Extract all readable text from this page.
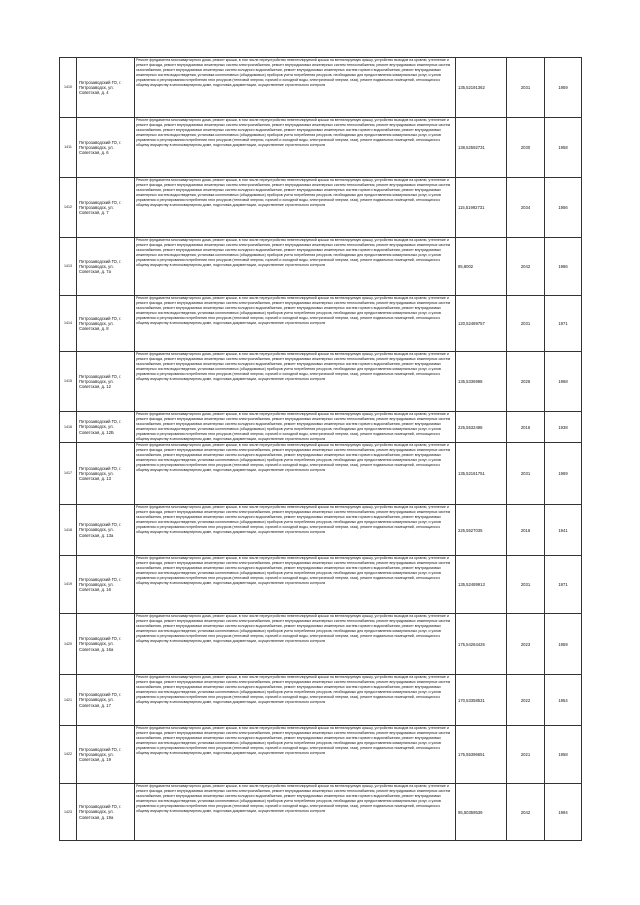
1410	Петрозаводский ГО, г. Петрозаводск, ул. Советская, д. 4	Ремонт фундамента многоквартирного дома, ремонт крыши, в том числе переустройство невентилируемой крыши на вентилируемую крышу, устройство выходов на кровлю, утепление и ремонт фасада, ремонт внутридомовых инженерных систем электроснабжения, ремонт внутридомовых инженерных систем теплоснабжения, ремонт внутридомовых инженерных систем газоснабжения, ремонт внутридомовых инженерных систем холодного водоснабжения, ремонт внутридомовых инженерных систем горячего водоснабжения, ремонт внутридомовых инженерных систем водоотведения, установка коллективных (общедомовых) приборов учета потребления ресурсов, необходимых для предоставления коммунальных услуг, и узлов управления и регулирования потребления этих ресурсов (тепловой энергии, горячей и холодной воды, электрической энергии, газа), ремонт подвальных помещений, относящихся к общему имуществу в многоквартирном доме, подготовка документации, осуществление строительного контроля	135,52191362	2031	1959
1411	Петрозаводский ГО, г. Петрозаводск, ул. Советская, д. 6	Ремонт фундамента многоквартирного дома, ремонт крыши, в том числе переустройство невентилируемой крыши на вентилируемую крышу, устройство выходов на кровлю, утепление и ремонт фасада, ремонт внутридомовых инженерных систем электроснабжения, ремонт внутридомовых инженерных систем теплоснабжения, ремонт внутридомовых инженерных систем газоснабжения, ремонт внутридомовых инженерных систем холодного водоснабжения, ремонт внутридомовых инженерных систем горячего водоснабжения, ремонт внутридомовых инженерных систем водоотведения, установка коллективных (общедомовых) приборов учета потребления ресурсов, необходимых для предоставления коммунальных услуг, и узлов управления и регулирования потребления этих ресурсов (тепловой энергии, горячей и холодной воды, электрической энергии, газа), ремонт подвальных помещений, относящихся к общему имуществу в многоквартирном доме, подготовка документации, осуществление строительного контроля	138,52592731	2030	1958
1412	Петрозаводский ГО, г. Петрозаводск, ул. Советская, д. 7	Ремонт фундамента многоквартирного дома, ремонт крыши, в том числе переустройство невентилируемой крыши на вентилируемую крышу, устройство выходов на кровлю, утепление и ремонт фасада, ремонт внутридомовых инженерных систем электроснабжения, ремонт внутридомовых инженерных систем теплоснабжения, ремонт внутридомовых инженерных систем газоснабжения, ремонт внутридомовых инженерных систем холодного водоснабжения, ремонт внутридомовых инженерных систем горячего водоснабжения, ремонт внутридомовых инженерных систем водоотведения, установка коллективных (общедомовых) приборов учета потребления ресурсов, необходимых для предоставления коммунальных услуг, и узлов управления и регулирования потребления этих ресурсов (тепловой энергии, горячей и холодной воды, электрической энергии, газа), ремонт подвальных помещений, относящихся к общему имуществу в многоквартирном доме, подготовка документации, осуществление строительного контроля	115,51992731	2034	1956
1413	Петрозаводский ГО, г. Петрозаводск, ул. Советская, д. 7а	Ремонт фундамента многоквартирного дома, ремонт крыши, в том числе переустройство невентилируемой крыши на вентилируемую крышу, устройство выходов на кровлю, утепление и ремонт фасада, ремонт внутридомовых инженерных систем электроснабжения, ремонт внутридомовых инженерных систем теплоснабжения, ремонт внутридомовых инженерных систем газоснабжения, ремонт внутридомовых инженерных систем холодного водоснабжения, ремонт внутридомовых инженерных систем горячего водоснабжения, ремонт внутридомовых инженерных систем водоотведения, установка коллективных (общедомовых) приборов учета потребления ресурсов, необходимых для предоставления коммунальных услуг, и узлов управления и регулирования потребления этих ресурсов (тепловой энергии, горячей и холодной воды, электрической энергии, газа), ремонт подвальных помещений, относящихся к общему имуществу в многоквартирном доме, подготовка документации, осуществление строительного контроля	95,8002	2042	1986
1414	Петрозаводский ГО, г. Петрозаводск, ул. Советская, д. 8	Ремонт фундамента многоквартирного дома, ремонт крыши, в том числе переустройство невентилируемой крыши на вентилируемую крышу, устройство выходов на кровлю, утепление и ремонт фасада, ремонт внутридомовых инженерных систем электроснабжения, ремонт внутридомовых инженерных систем теплоснабжения, ремонт внутридомовых инженерных систем газоснабжения, ремонт внутридомовых инженерных систем холодного водоснабжения, ремонт внутридомовых инженерных систем горячего водоснабжения, ремонт внутридомовых инженерных систем водоотведения, установка коллективных (общедомовых) приборов учета потребления ресурсов, необходимых для предоставления коммунальных услуг, и узлов управления и регулирования потребления этих ресурсов (тепловой энергии, горячей и холодной воды, электрической энергии, газа), ремонт подвальных помещений, относящихся к общему имуществу в многоквартирном доме, подготовка документации, осуществление строительного контроля	120,52489757	2031	1971
1415	Петрозаводский ГО, г. Петрозаводск, ул. Советская, д. 12	Ремонт фундамента многоквартирного дома, ремонт крыши, в том числе переустройство невентилируемой крыши на вентилируемую крышу, устройство выходов на кровлю, утепление и ремонт фасада, ремонт внутридомовых инженерных систем электроснабжения, ремонт внутридомовых инженерных систем теплоснабжения, ремонт внутридомовых инженерных систем газоснабжения, ремонт внутридомовых инженерных систем холодного водоснабжения, ремонт внутридомовых инженерных систем горячего водоснабжения, ремонт внутридомовых инженерных систем водоотведения, установка коллективных (общедомовых) приборов учета потребления ресурсов, необходимых для предоставления коммунальных услуг, и узлов управления и регулирования потребления этих ресурсов (тепловой энергии, горячей и холодной воды, электрической энергии, газа), ремонт подвальных помещений, относящихся к общему имуществу в многоквартирном доме, подготовка документации, осуществление строительного контроля	135,5336998	2026	1968
1416	Петрозаводский ГО, г. Петрозаводск, ул. Советская, д. 12Б	Ремонт фундамента многоквартирного дома, ремонт крыши, в том числе переустройство невентилируемой крыши на вентилируемую крышу, устройство выходов на кровлю, утепление и ремонт фасада, ремонт внутридомовых инженерных систем электроснабжения, ремонт внутридомовых инженерных систем теплоснабжения, ремонт внутридомовых инженерных систем газоснабжения, ремонт внутридомовых инженерных систем холодного водоснабжения, ремонт внутридомовых инженерных систем горячего водоснабжения, ремонт внутридомовых инженерных систем водоотведения, установка коллективных (общедомовых) приборов учета потребления ресурсов, необходимых для предоставления коммунальных услуг, и узлов управления и регулирования потребления этих ресурсов (тепловой энергии, горячей и холодной воды, электрической энергии, газа), ремонт подвальных помещений, относящихся к общему имуществу в многоквартирном доме, подготовка документации, осуществление строительного контроля	225,5532498	2016	1938
1417	Петрозаводский ГО, г. Петрозаводск, ул. Советская, д. 13	Ремонт фундамента многоквартирного дома, ремонт крыши, в том числе переустройство невентилируемой крыши на вентилируемую крышу, устройство выходов на кровлю, утепление и ремонт фасада, ремонт внутридомовых инженерных систем электроснабжения, ремонт внутридомовых инженерных систем теплоснабжения, ремонт внутридомовых инженерных систем газоснабжения, ремонт внутридомовых инженерных систем холодного водоснабжения, ремонт внутридомовых инженерных систем горячего водоснабжения, ремонт внутридомовых инженерных систем водоотведения, установка коллективных (общедомовых) приборов учета потребления ресурсов, необходимых для предоставления коммунальных услуг, и узлов управления и регулирования потребления этих ресурсов (тепловой энергии, горячей и холодной воды, электрической энергии, газа), ремонт подвальных помещений, относящихся к общему имуществу в многоквартирном доме, подготовка документации, осуществление строительного контроля	135,52161751	2031	1969
1418	Петрозаводский ГО, г. Петрозаводск, ул. Советская, д. 13а	Ремонт фундамента многоквартирного дома, ремонт крыши, в том числе переустройство невентилируемой крыши на вентилируемую крышу, устройство выходов на кровлю, утепление и ремонт фасада, ремонт внутридомовых инженерных систем электроснабжения, ремонт внутридомовых инженерных систем теплоснабжения, ремонт внутридомовых инженерных систем газоснабжения, ремонт внутридомовых инженерных систем холодного водоснабжения, ремонт внутридомовых инженерных систем горячего водоснабжения, ремонт внутридомовых инженерных систем водоотведения, установка коллективных (общедомовых) приборов учета потребления ресурсов, необходимых для предоставления коммунальных услуг, и узлов управления и регулирования потребления этих ресурсов (тепловой энергии, горячей и холодной воды, электрической энергии, газа), ремонт подвальных помещений, относящихся к общему имуществу в многоквартирном доме, подготовка документации, осуществление строительного контроля	225,5527035	2016	1941
1419	Петрозаводский ГО, г. Петрозаводск, ул. Советская, д. 16	Ремонт фундамента многоквартирного дома, ремонт крыши, в том числе переустройство невентилируемой крыши на вентилируемую крышу, устройство выходов на кровлю, утепление и ремонт фасада, ремонт внутридомовых инженерных систем электроснабжения, ремонт внутридомовых инженерных систем теплоснабжения, ремонт внутридомовых инженерных систем газоснабжения, ремонт внутридомовых инженерных систем холодного водоснабжения, ремонт внутридомовых инженерных систем горячего водоснабжения, ремонт внутридомовых инженерных систем водоотведения, установка коллективных (общедомовых) приборов учета потребления ресурсов, необходимых для предоставления коммунальных услуг, и узлов управления и регулирования потребления этих ресурсов (тепловой энергии, горячей и холодной воды, электрической энергии, газа), ремонт подвальных помещений, относящихся к общему имуществу в многоквартирном доме, подготовка документации, осуществление строительного контроля	135,52489913	2031	1971
1420	Петрозаводский ГО, г. Петрозаводск, ул. Советская, д. 16а	Ремонт фундамента многоквартирного дома, ремонт крыши, в том числе переустройство невентилируемой крыши на вентилируемую крышу, устройство выходов на кровлю, утепление и ремонт фасада, ремонт внутридомовых инженерных систем электроснабжения, ремонт внутридомовых инженерных систем теплоснабжения, ремонт внутридомовых инженерных систем газоснабжения, ремонт внутридомовых инженерных систем холодного водоснабжения, ремонт внутридомовых инженерных систем горячего водоснабжения, ремонт внутридомовых инженерных систем водоотведения, установка коллективных (общедомовых) приборов учета потребления ресурсов, необходимых для предоставления коммунальных услуг, и узлов управления и регулирования потребления этих ресурсов (тепловой энергии, горячей и холодной воды, электрической энергии, газа), ремонт подвальных помещений, относящихся к общему имуществу в многоквартирном доме, подготовка документации, осуществление строительного контроля	175,54264426	2023	1959
1421	Петрозаводский ГО, г. Петрозаводск, ул. Советская, д. 17	Ремонт фундамента многоквартирного дома, ремонт крыши, в том числе переустройство невентилируемой крыши на вентилируемую крышу, устройство выходов на кровлю, утепление и ремонт фасада, ремонт внутридомовых инженерных систем электроснабжения, ремонт внутридомовых инженерных систем теплоснабжения, ремонт внутридомовых инженерных систем газоснабжения, ремонт внутридомовых инженерных систем холодного водоснабжения, ремонт внутридомовых инженерных систем горячего водоснабжения, ремонт внутридомовых инженерных систем водоотведения, установка коллективных (общедомовых) приборов учета потребления ресурсов, необходимых для предоставления коммунальных услуг, и узлов управления и регулирования потребления этих ресурсов (тепловой энергии, горячей и холодной воды, электрической энергии, газа), ремонт подвальных помещений, относящихся к общему имуществу в многоквартирном доме, подготовка документации, осуществление строительного контроля	170,53358531	2022	1954
1422	Петрозаводский ГО, г. Петрозаводск, ул. Советская, д. 19	Ремонт фундамента многоквартирного дома, ремонт крыши, в том числе переустройство невентилируемой крыши на вентилируемую крышу, устройство выходов на кровлю, утепление и ремонт фасада, ремонт внутридомовых инженерных систем электроснабжения, ремонт внутридомовых инженерных систем теплоснабжения, ремонт внутридомовых инженерных систем газоснабжения, ремонт внутридомовых инженерных систем холодного водоснабжения, ремонт внутридомовых инженерных систем горячего водоснабжения, ремонт внутридомовых инженерных систем водоотведения, установка коллективных (общедомовых) приборов учета потребления ресурсов, необходимых для предоставления коммунальных услуг, и узлов управления и регулирования потребления этих ресурсов (тепловой энергии, горячей и холодной воды, электрической энергии, газа), ремонт подвальных помещений, относящихся к общему имуществу в многоквартирном доме, подготовка документации, осуществление строительного контроля	175,55396651	2021	1958
1423	Петрозаводский ГО, г. Петрозаводск, ул. Советская, д. 19а	Ремонт фундамента многоквартирного дома, ремонт крыши, в том числе переустройство невентилируемой крыши на вентилируемую крышу, устройство выходов на кровлю, утепление и ремонт фасада, ремонт внутридомовых инженерных систем электроснабжения, ремонт внутридомовых инженерных систем теплоснабжения, ремонт внутридомовых инженерных систем газоснабжения, ремонт внутридомовых инженерных систем холодного водоснабжения, ремонт внутридомовых инженерных систем горячего водоснабжения, ремонт внутридомовых инженерных систем водоотведения, установка коллективных (общедомовых) приборов учета потребления ресурсов, необходимых для предоставления коммунальных услуг, и узлов управления и регулирования потребления этих ресурсов (тепловой энергии, горячей и холодной воды, электрической энергии, газа), ремонт подвальных помещений, относящихся к общему имуществу в многоквартирном доме, подготовка документации, осуществление строительного контроля	95,50359539	2042	1994
